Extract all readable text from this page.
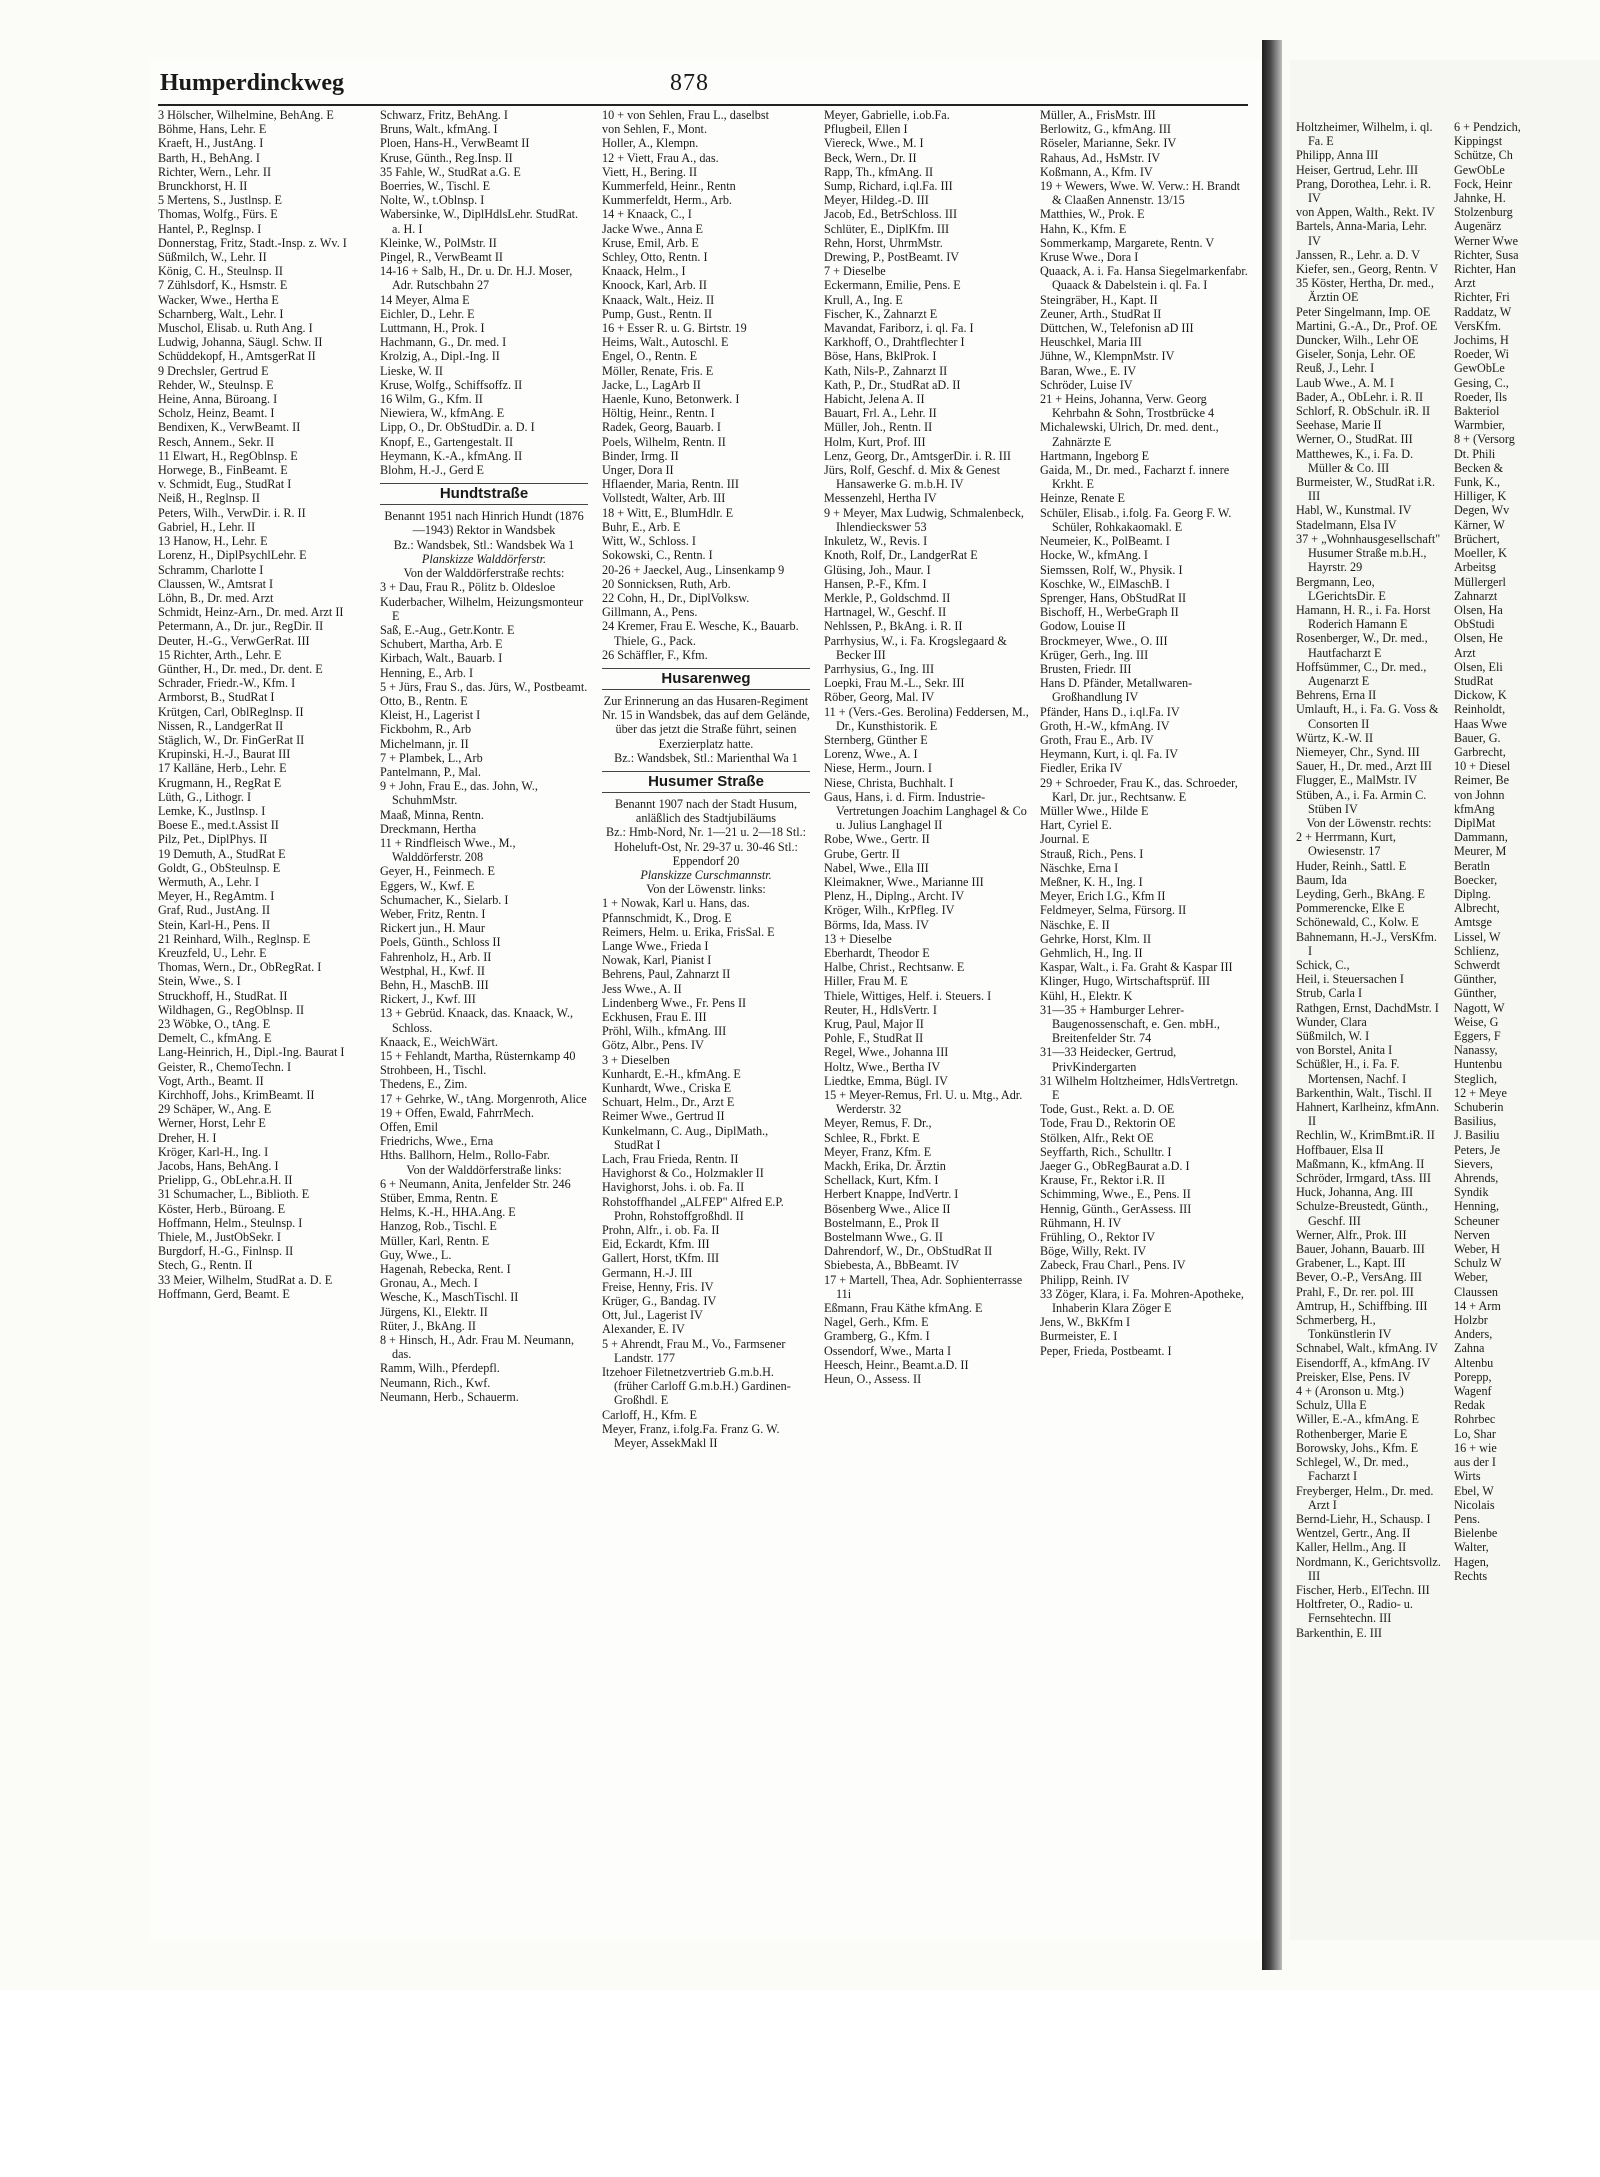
Humperdinckweg	878

3 Hölscher, Wilhelmine, BehAng. E

Böhme, Hans, Lehr. E

Kraeft, H., JustAng. I

Barth, H., BehAng. I

Richter, Wern., Lehr. II

Brunckhorst, H. II

5 Mertens, S., Justlnsp. E

Thomas, Wolfg., Fürs. E

Hantel, P., Reglnsp. I

Donnerstag, Fritz, Stadt.-Insp. z. Wv. I

Süßmilch, W., Lehr. II

König, C. H., Steulnsp. II

7 Zühlsdorf, K., Hsmstr. E

Wacker, Wwe., Hertha E

Scharnberg, Walt., Lehr. I

Muschol, Elisab. u. Ruth Ang. I

Ludwig, Johanna, Säugl. Schw. II

Schüddekopf, H., AmtsgerRat II

9 Drechsler, Gertrud E

Rehder, W., Steulnsp. E

Heine, Anna, Büroang. I

Scholz, Heinz, Beamt. I

Bendixen, K., VerwBeamt. II

Resch, Annem., Sekr. II

11 Elwart, H., RegOblnsp. E

Horwege, B., FinBeamt. E

v. Schmidt, Eug., StudRat I

Neiß, H., Reglnsp. II

Peters, Wilh., VerwDir. i. R. II

Gabriel, H., Lehr. II

13 Hanow, H., Lehr. E

Lorenz, H., DiplPsychlLehr. E

Schramm, Charlotte I

Claussen, W., Amtsrat I

Löhn, B., Dr. med. Arzt

Schmidt, Heinz-Arn., Dr. med. Arzt II

Petermann, A., Dr. jur., RegDir. II

Deuter, H.-G., VerwGerRat. III

15 Richter, Arth., Lehr. E

Günther, H., Dr. med., Dr. dent. E

Schrader, Friedr.-W., Kfm. I

Armborst, B., StudRat I

Krütgen, Carl, OblReglnsp. II

Nissen, R., LandgerRat II

Stäglich, W., Dr. FinGerRat II

Krupinski, H.-J., Baurat III

17 Kalläne, Herb., Lehr. E

Krugmann, H., RegRat E

Lüth, G., Lithogr. I

Lemke, K., Justlnsp. I

Boese E., med.t.Assist II

Pilz, Pet., DiplPhys. II

19 Demuth, A., StudRat E

Goldt, G., ObSteulnsp. E

Wermuth, A., Lehr. I

Meyer, H., RegAmtm. I

Graf, Rud., JustAng. II

Stein, Karl-H., Pens. II

21 Reinhard, Wilh., Reglnsp. E

Kreuzfeld, U., Lehr. E

Thomas, Wern., Dr., ObRegRat. I

Stein, Wwe., S. I

Struckhoff, H., StudRat. II

Wildhagen, G., RegOblnsp. II

23 Wöbke, O., tAng. E

Demelt, C., kfmAng. E

Lang-Heinrich, H., Dipl.-Ing. Baurat I

Geister, R., ChemoTechn. I

Vogt, Arth., Beamt. II

Kirchhoff, Johs., KrimBeamt. II

29 Schäper, W., Ang. E

Werner, Horst, Lehr E

Dreher, H. I

Kröger, Karl-H., Ing. I

Jacobs, Hans, BehAng. I

Prielipp, G., ObLehr.a.H. II

31 Schumacher, L., Biblioth. E

Köster, Herb., Büroang. E

Hoffmann, Helm., Steulnsp. I

Thiele, M., JustObSekr. I

Burgdorf, H.-G., Finlnsp. II

Stech, G., Rentn. II

33 Meier, Wilhelm, StudRat a. D. E

Hoffmann, Gerd, Beamt. E

Schwarz, Fritz, BehAng. I

Bruns, Walt., kfmAng. I

Ploen, Hans-H., VerwBeamt II

Kruse, Günth., Reg.Insp. II

35 Fahle, W., StudRat a.G. E

Boerries, W., Tischl. E

Nolte, W., t.Oblnsp. I

Wabersinke, W., DiplHdlsLehr. StudRat. a. H. I

Kleinke, W., PolMstr. II

Pingel, R., VerwBeamt II

14-16 + Salb, H., Dr. u. Dr. H.J. Moser, Adr. Rutschbahn 27

14 Meyer, Alma E

Eichler, D., Lehr. E

Luttmann, H., Prok. I

Hachmann, G., Dr. med. I

Krolzig, A., Dipl.-Ing. II

Lieske, W. II

Kruse, Wolfg., Schiffsoffz. II

16 Wilm, G., Kfm. II

Niewiera, W., kfmAng. E

Lipp, O., Dr. ObStudDir. a. D. I

Knopf, E., Gartengestalt. II

Heymann, K.-A., kfmAng. II

Blohm, H.-J., Gerd E

Hundtstraße

Benannt 1951 nach Hinrich Hundt (1876—1943) Rektor in Wandsbek

Bz.: Wandsbek, Stl.: Wandsbek Wa 1

Planskizze Walddörferstr.

Von der Walddörferstraße rechts:

3 + Dau, Frau R., Pölitz b. Oldesloe

Kuderbacher, Wilhelm, Heizungsmonteur E

Saß, E.-Aug., Getr.Kontr. E

Schubert, Martha, Arb. E

Kirbach, Walt., Bauarb. I

Henning, E., Arb. I

5 + Jürs, Frau S., das. Jürs, W., Postbeamt.

Otto, B., Rentn. E

Kleist, H., Lagerist I

Fickbohm, R., Arb

Michelmann, jr. II

7 + Plambek, L., Arb

Pantelmann, P., Mal.

9 + John, Frau E., das. John, W., SchuhmMstr.

Maaß, Minna, Rentn.

Dreckmann, Hertha

11 + Rindfleisch Wwe., M., Walddörferstr. 208

Geyer, H., Feinmech. E

Eggers, W., Kwf. E

Schumacher, K., Sielarb. I

Weber, Fritz, Rentn. I

Rickert jun., H. Maur

Poels, Günth., Schloss II

Fahrenholz, H., Arb. II

Westphal, H., Kwf. II

Behn, H., MaschB. III

Rickert, J., Kwf. III

13 + Gebrüd. Knaack, das. Knaack, W., Schloss.

Knaack, E., WeichWärt.

15 + Fehlandt, Martha, Rüsternkamp 40

Strohbeen, H., Tischl.

Thedens, E., Zim.

17 + Gehrke, W., tAng. Morgenroth, Alice

19 + Offen, Ewald, FahrrMech.

Offen, Emil

Friedrichs, Wwe., Erna

Hths. Ballhorn, Helm., Rollo-Fabr.

Von der Walddörferstraße links:

6 + Neumann, Anita, Jenfelder Str. 246

Stüber, Emma, Rentn. E

Helms, K.-H., HHA.Ang. E

Hanzog, Rob., Tischl. E

Müller, Karl, Rentn. E

Guy, Wwe., L.

Hagenah, Rebecka, Rent. I

Gronau, A., Mech. I

Wesche, K., MaschTischl. II

Jürgens, Kl., Elektr. II

Rüter, J., BkAng. II

8 + Hinsch, H., Adr. Frau M. Neumann, das.

Ramm, Wilh., Pferdepfl.

Neumann, Rich., Kwf.

Neumann, Herb., Schauerm.

10 + von Sehlen, Frau L., daselbst

von Sehlen, F., Mont.

Holler, A., Klempn.

12 + Viett, Frau A., das.

Viett, H., Bering. II

Kummerfeld, Heinr., Rentn

Kummerfeldt, Herm., Arb.

14 + Knaack, C., I

Jacke Wwe., Anna E

Kruse, Emil, Arb. E

Schley, Otto, Rentn. I

Knaack, Helm., I

Knoock, Karl, Arb. II

Knaack, Walt., Heiz. II

Pump, Gust., Rentn. II

16 + Esser R. u. G. Birtstr. 19

Heims, Walt., Autoschl. E

Engel, O., Rentn. E

Möller, Renate, Fris. E

Jacke, L., LagArb II

Haenle, Kuno, Betonwerk. I

Höltig, Heinr., Rentn. I

Radek, Georg, Bauarb. I

Poels, Wilhelm, Rentn. II

Binder, Irmg. II

Unger, Dora II

Hflaender, Maria, Rentn. III

Vollstedt, Walter, Arb. III

18 + Witt, E., BlumHdlr. E

Buhr, E., Arb. E

Witt, W., Schloss. I

Sokowski, C., Rentn. I

20-26 + Jaeckel, Aug., Linsenkamp 9

20 Sonnicksen, Ruth, Arb.

22 Cohn, H., Dr., DiplVolksw.

Gillmann, A., Pens.

24 Kremer, Frau E. Wesche, K., Bauarb. Thiele, G., Pack.

26 Schäffler, F., Kfm.

Husarenweg

Zur Erinnerung an das Husaren-Regiment Nr. 15 in Wandsbek, das auf dem Gelände, über das jetzt die Straße führt, seinen Exerzierplatz hatte.

Bz.: Wandsbek, Stl.: Marienthal Wa 1

Husumer Straße

Benannt 1907 nach der Stadt Husum, anläßlich des Stadtjubiläums

Bz.: Hmb-Nord, Nr. 1—21 u. 2—18 Stl.: Hoheluft-Ost, Nr. 29-37 u. 30-46 Stl.: Eppendorf 20

Planskizze Curschmannstr.

Von der Löwenstr. links:

1 + Nowak, Karl u. Hans, das.

Pfannschmidt, K., Drog. E

Reimers, Helm. u. Erika, FrisSal. E

Lange Wwe., Frieda I

Nowak, Karl, Pianist I

Behrens, Paul, Zahnarzt II

Jess Wwe., A. II

Lindenberg Wwe., Fr. Pens II

Eckhusen, Frau E. III

Pröhl, Wilh., kfmAng. III

Götz, Albr., Pens. IV

3 + Dieselben

Kunhardt, E.-H., kfmAng. E

Kunhardt, Wwe., Criska E

Schuart, Helm., Dr., Arzt E

Reimer Wwe., Gertrud II

Kunkelmann, C. Aug., DiplMath., StudRat I

Lach, Frau Frieda, Rentn. II

Havighorst & Co., Holzmakler II

Havighorst, Johs. i. ob. Fa. II

Rohstoffhandel „ALFEP" Alfred E.P. Prohn, Rohstoffgroßhdl. II

Prohn, Alfr., i. ob. Fa. II

Eid, Eckardt, Kfm. III

Gallert, Horst, tKfm. III

Germann, H.-J. III

Freise, Henny, Fris. IV

Krüger, G., Bandag. IV

Ott, Jul., Lagerist IV

Alexander, E. IV

5 + Ahrendt, Frau M., Vo., Farmsener Landstr. 177

Itzehoer Filetnetzvertrieb G.m.b.H. (früher Carloff G.m.b.H.) Gardinen-Großhdl. E

Carloff, H., Kfm. E

Meyer, Franz, i.folg.Fa. Franz G. W. Meyer, AssekMakl II

Meyer, Gabrielle, i.ob.Fa.

Pflugbeil, Ellen I

Viereck, Wwe., M. I

Beck, Wern., Dr. II

Rapp, Th., kfmAng. II

Sump, Richard, i.ql.Fa. III

Meyer, Hildeg.-D. III

Jacob, Ed., BetrSchloss. III

Schlüter, E., DiplKfm. III

Rehn, Horst, UhrmMstr.

Drewing, P., PostBeamt. IV

7 + Dieselbe

Eckermann, Emilie, Pens. E

Krull, A., Ing. E

Fischer, K., Zahnarzt E

Mavandat, Fariborz, i. ql. Fa. I

Karkhoff, O., Drahtflechter I

Böse, Hans, BklProk. I

Kath, Nils-P., Zahnarzt II

Kath, P., Dr., StudRat aD. II

Habicht, Jelena A. II

Bauart, Frl. A., Lehr. II

Müller, Joh., Rentn. II

Holm, Kurt, Prof. III

Lenz, Georg, Dr., AmtsgerDir. i. R. III

Jürs, Rolf, Geschf. d. Mix & Genest Hansawerke G. m.b.H. IV

Messenzehl, Hertha IV

9 + Meyer, Max Ludwig, Schmalenbeck, Ihlendieckswег 53

Inkuletz, W., Revis. I

Knoth, Rolf, Dr., LandgerRat E

Glüsing, Joh., Maur. I

Hansen, P.-F., Kfm. I

Merkle, P., Goldschmd. II

Hartnagel, W., Geschf. II

Nehlssen, P., BkAng. i. R. II

Parrhysius, W., i. Fa. Krogslegaard & Becker III

Parrhysius, G., Ing. III

Loepki, Frau M.-L., Sekr. III

Röber, Georg, Mal. IV

11 + (Vers.-Ges. Berolina) Feddersen, M., Dr., Kunsthistorik. E

Sternberg, Günther E

Lorenz, Wwe., A. I

Niese, Herm., Journ. I

Niese, Christa, Buchhalt. I

Gaus, Hans, i. d. Firm. Industrie-Vertretungen Joachim Langhagel & Co u. Julius Langhagel II

Robe, Wwe., Gertr. II

Grube, Gertr. II

Nabel, Wwe., Ella III

Kleimakner, Wwe., Marianne III

Plenz, H., Diplng., Archt. IV

Kröger, Wilh., KrPfleg. IV

Börms, Ida, Mass. IV

13 + Dieselbe

Eberhardt, Theodor E

Halbe, Christ., Rechtsanw. E

Hiller, Frau M. E

Thiele, Wittiges, Helf. i. Steuers. I

Reuter, H., HdlsVertr. I

Krug, Paul, Major II

Pohle, F., StudRat II

Regel, Wwe., Johanna III

Holtz, Wwe., Bertha IV

Liedtke, Emma, Bügl. IV

15 + Meyer-Remus, Frl. U. u. Mtg., Adr. Werderstr. 32

Meyer, Remus, F. Dr.,

Schlee, R., Fbrkt. E

Meyer, Franz, Kfm. E

Mackh, Erika, Dr. Ärztin

Schellack, Kurt, Kfm. I

Herbert Knappe, IndVertr. I

Bösenberg Wwe., Alice II

Bostelmann, E., Prok II

Bostelmann Wwe., G. II

Dahrendorf, W., Dr., ObStudRat II

Sbiebesta, A., BbBeamt. IV

17 + Martell, Thea, Adr. Sophienterrasse 11i

Eßmann, Frau Käthe kfmAng. E

Nagel, Gerh., Kfm. E

Gramberg, G., Kfm. I

Ossendorf, Wwe., Marta I

Heesch, Heinr., Beamt.a.D. II

Heun, O., Assess. II

Müller, A., FrisMstr. III

Berlowitz, G., kfmAng. III

Röseler, Marianne, Sekr. IV

Rahaus, Ad., HsMstr. IV

Koßmann, A., Kfm. IV

19 + Wewers, Wwe. W. Verw.: H. Brandt & Claaßen Annenstr. 13/15

Matthies, W., Prok. E

Hahn, K., Kfm. E

Sommerkamp, Margarete, Rentn. V

Kruse Wwe., Dora I

Quaack, A. i. Fa. Hansa Siegelmarkenfabr. Quaack & Dabelstein i. ql. Fa. I

Steingräber, H., Kapt. II

Zeuner, Arth., StudRat II

Düttchen, W., Telefonisn aD III

Heuschkel, Maria III

Jühne, W., KlempnMstr. IV

Baran, Wwe., E. IV

Schröder, Luise IV

21 + Heins, Johanna, Verw. Georg Kehrbahn & Sohn, Trostbrücke 4

Michalewski, Ulrich, Dr. med. dent., Zahnärzte E

Hartmann, Ingeborg E

Gaida, M., Dr. med., Facharzt f. innere Krkht. E

Heinze, Renate E

Schüler, Elisab., i.folg. Fa. Georg F. W. Schüler, Rohkakaomakl. E

Neumeier, K., PolBeamt. I

Hocke, W., kfmAng. I

Siemssen, Rolf, W., Physik. I

Koschke, W., ElMaschB. I

Sprenger, Hans, ObStudRat II

Bischoff, H., WerbeGraph II

Godow, Louise II

Brockmeyer, Wwe., O. III

Krüger, Gerh., Ing. III

Brusten, Friedr. III

Hans D. Pfänder, Metallwaren-Großhandlung IV

Pfänder, Hans D., i.ql.Fa. IV

Groth, H.-W., kfmAng. IV

Groth, Frau E., Arb. IV

Heymann, Kurt, i. ql. Fa. IV

Fiedler, Erika IV

29 + Schroeder, Frau K., das. Schroeder, Karl, Dr. jur., Rechtsanw. E

Müller Wwe., Hilde E

Hart, Cyriel E.

Journal. E

Strauß, Rich., Pens. I

Näschke, Erna I

Meßner, K. H., Ing. I

Meyer, Erich I.G., Kfm II

Feldmeyer, Selma, Fürsorg. II

Näschke, E. II

Gehrke, Horst, Klm. II

Gehmlich, H., Ing. II

Kaspar, Walt., i. Fa. Graht & Kaspar III

Klinger, Hugo, Wirtschaftsprüf. III

Kühl, H., Elektr. K

31—35 + Hamburger Lehrer-Baugenossenschaft, e. Gen. mbH., Breitenfelder Str. 74

31—33 Heidecker, Gertrud, PrivKindergarten

31 Wilhelm Holtzheimer, HdlsVertretgn. E

Tode, Gust., Rekt. a. D. OE

Tode, Frau D., Rektorin OE

Stölken, Alfr., Rekt OE

Seyffarth, Rich., Schulltr. I

Jaeger G., ObRegBaurat a.D. I

Krause, Fr., Rektor i.R. II

Schimming, Wwe., E., Pens. II

Hennig, Günth., GerAssess. III

Rühmann, H. IV

Frühling, O., Rektor IV

Böge, Willy, Rekt. IV

Zabeck, Frau Charl., Pens. IV

Philipp, Reinh. IV

33 Zöger, Klara, i. Fa. Mohren-Apotheke, Inhaberin Klara Zöger E

Jens, W., BkKfm I

Burmeister, E. I

Peper, Frieda, Postbeamt. I

Holtzheimer, Wilhelm, i. ql. Fa. E

Philipp, Anna III

Heiser, Gertrud, Lehr. III

Prang, Dorothea, Lehr. i. R. IV

von Appen, Walth., Rekt. IV

Bartels, Anna-Maria, Lehr. IV

Janssen, R., Lehr. a. D. V

Kiefer, sen., Georg, Rentn. V

35 Köster, Hertha, Dr. med., Ärztin OE

Peter Singelmann, Imp. OE

Martini, G.-A., Dr., Prof. OE

Duncker, Wilh., Lehr OE

Giseler, Sonja, Lehr. OE

Reuß, J., Lehr. I

Laub Wwe., A. M. I

Bader, A., ObLehr. i. R. II

Schlorf, R. ObSchulr. iR. II

Seehase, Marie II

Werner, O., StudRat. III

Matthewes, K., i. Fa. D. Müller & Co. III

Burmeister, W., StudRat i.R. III

Habl, W., Kunstmal. IV

Stadelmann, Elsa IV

37 + „Wohnhausgesellschaft" Husumer Straße m.b.H., Hayrstr. 29

Bergmann, Leo, LGerichtsDir. E

Hamann, H. R., i. Fa. Horst Roderich Hamann E

Rosenberger, W., Dr. med., Hautfacharzt E

Hoffsümmer, C., Dr. med., Augenarzt E

Behrens, Erna II

Umlauft, H., i. Fa. G. Voss & Consorten II

Würtz, K.-W. II

Niemeyer, Chr., Synd. III

Sauer, H., Dr. med., Arzt III

Flugger, E., MalMstr. IV

Stüben, A., i. Fa. Armin C. Stüben IV

Von der Löwenstr. rechts:

2 + Herrmann, Kurt, Owiesenstr. 17

Huder, Reinh., Sattl. E

Baum, Ida

Leyding, Gerh., BkAng. E

Pommerencke, Elke E

Schönewald, C., Kolw. E

Bahnemann, H.-J., VersKfm. I

Schick, C.,

Heil, i. Steuersachen I

Strub, Carla I

Rathgen, Ernst, DachdMstr. I

Wunder, Clara

Süßmilch, W. I

von Borstel, Anita I

Schüßler, H., i. Fa. F. Mortensen, Nachf. I

Barkenthin, Walt., Tischl. II

Hahnert, Karlheinz, kfmAnn. II

Rechlin, W., KrimBmt.iR. II

Hoffbauer, Elsa II

Maßmann, K., kfmAng. II

Schröder, Irmgard, tAss. III

Huck, Johanna, Ang. III

Schulze-Breustedt, Günth., Geschf. III

Werner, Alfr., Prok. III

Bauer, Johann, Bauarb. III

Grabener, L., Kapt. III

Bever, O.-P., VersAng. III

Prahl, F., Dr. rer. pol. III

Amtrup, H., Schiffbing. III

Schmerberg, H., Tonkünstlerin IV

Schnabel, Walt., kfmAng. IV

Eisendorff, A., kfmAng. IV

Preisker, Else, Pens. IV

4 + (Aronson u. Mtg.)

Schulz, Ulla E

Willer, E.-A., kfmAng. E

Rothenberger, Marie E

Borowsky, Johs., Kfm. E

Schlegel, W., Dr. med., Facharzt I

Freyberger, Helm., Dr. med. Arzt I

Bernd-Liehr, H., Schausp. I

Wentzel, Gertr., Ang. II

Kaller, Hellm., Ang. II

Nordmann, K., Gerichtsvollz. III

Fischer, Herb., ElTechn. III

Holtfreter, O., Radio- u. Fernsehtechn. III

Barkenthin, E. III

6 + Pendzich,

Kippingst

Schütze, Ch

GewObLe

Fock, Heinr

Jahnke, H.

Stolzenburg

Augenärz

Werner Wwe

Richter, Susa

Richter, Han

Arzt

Richter, Fri

Raddatz, W

VersKfm.

Jochims, H

Roeder, Wi

GewObLe

Gesing, C.,

Roeder, Ils

Bakteriol

Warmbier,

8 + (Versorg

Dt. Phili

Becken &

Funk, K.,

Hilliger, K

Degen, Wv

Kärner, W

Brüchert,

Moeller, K

Arbeitsg

Müllergerl

Zahnarzt

Olsen, Ha

ObStudi

Olsen, He

Arzt

Olsen, Eli

StudRat

Dickow, K

Reinholdt,

Haas Wwe

Bauer, G.

Garbrecht,

10 + Diesel

Reimer, Be

von Johnn

kfmAng

DiplMat

Dammann,

Meurer, M

Beratln

Boecker,

Diplng.

Albrecht,

Amtsge

Lissel, W

Schlienz,

Schwerdt

Günther,

Günther,

Nagott, W

Weise, G

Eggers, F

Nanassy,

Huntenbu

Steglich,

12 + Meye

Schuberin

Basilius,

J. Basiliu

Peters, Je

Sievers,

Ahrends,

Syndik

Henning,

Scheuner

Nerven

Weber, H

Schulz W

Weber,

Claussen

14 + Arm

Holzbr

Anders,

Zahna

Altenbu

Porepp,

Wagenf

Redak

Rohrbec

Lo, Shar

16 + wie

aus der I

Wirts

Ebel, W

Nicolais

Pens.

Bielenbe

Walter,

Hagen,

Rechts
